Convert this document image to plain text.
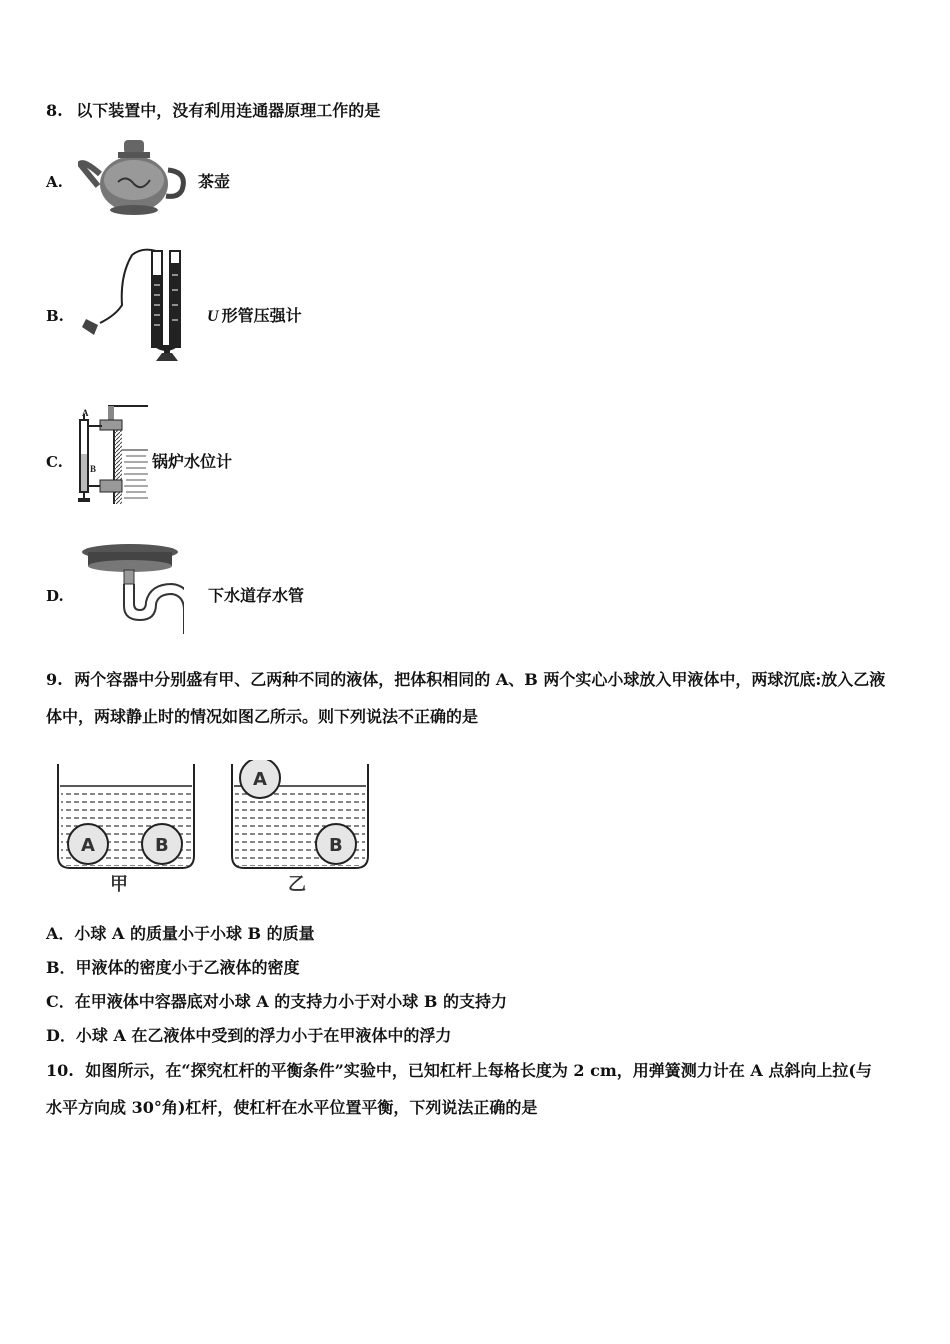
8. 以下装置中，没有利用连通器原理工作的是
A.	茶壶
B.	U 形管压强计
C.
A
B	锅炉水位计
D.	下水道存水管
9. 两个容器中分别盛有甲、乙两种不同的液体，把体积相同的 A、B 两个实心小球放入甲液体中，两球沉底:放入乙液
体中，两球静止时的情况如图乙所示。则下列说法不正确的是
A	B
A
B
甲	乙
A．小球 A 的质量小于小球 B 的质量
B．甲液体的密度小于乙液体的密度
C．在甲液体中容器底对小球 A 的支持力小于对小球 B 的支持力
D．小球 A 在乙液体中受到的浮力小于在甲液体中的浮力
10. 如图所示，在“探究杠杆的平衡条件”实验中，已知杠杆上每格长度为 2 cm，用弹簧测力计在 A 点斜向上拉(与
水平方向成 30°角)杠杆，使杠杆在水平位置平衡，下列说法正确的是
